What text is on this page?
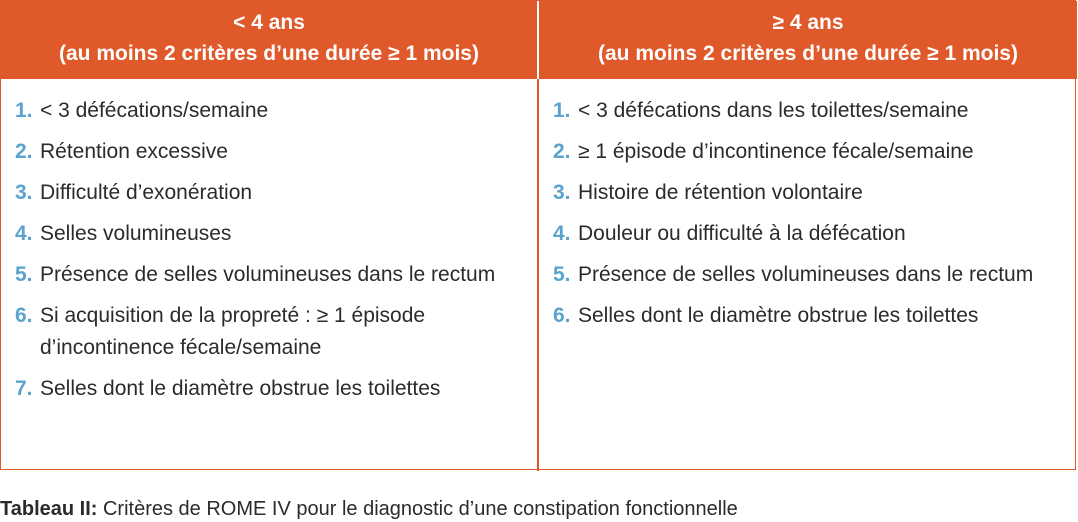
< 4 ans
(au moins 2 critères d’une durée ≥ 1 mois)
≥ 4 ans
(au moins 2 critères d’une durée ≥ 1 mois)
1. < 3 défécations/semaine
2. Rétention excessive
3. Difficulté d’exonération
4. Selles volumineuses
5. Présence de selles volumineuses dans le rectum
6. Si acquisition de la propreté : ≥ 1 épisode d’incontinence fécale/semaine
7. Selles dont le diamètre obstrue les toilettes
1. < 3 défécations dans les toilettes/semaine
2. ≥ 1 épisode d’incontinence fécale/semaine
3. Histoire de rétention volontaire
4. Douleur ou difficulté à la défécation
5. Présence de selles volumineuses dans le rectum
6. Selles dont le diamètre obstrue les toilettes
Tableau II: Critères de ROME IV pour le diagnostic d’une constipation fonctionnelle
